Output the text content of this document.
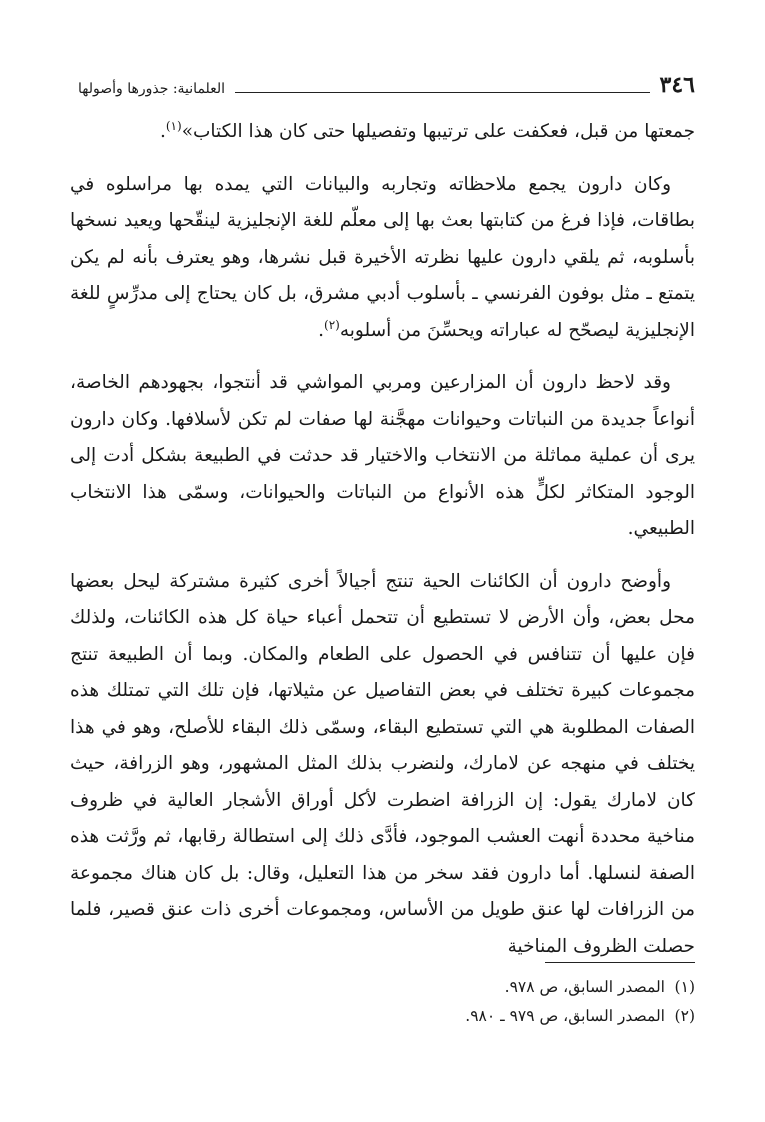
٣٤٦
العلمانية: جذورها وأصولها

جمعتها من قبل، فعكفت على ترتيبها وتفصيلها حتى كان هذا الكتاب»$^{(١)}$.

وكان دارون يجمع ملاحظاته وتجاربه والبيانات التي يمده بها مراسلوه في بطاقات، فإذا فرغ من كتابتها بعث بها إلى معلّم للغة الإنجليزية لينقّحها ويعيد نسخها بأسلوبه، ثم يلقي دارون عليها نظرته الأخيرة قبل نشرها، وهو يعترف بأنه لم يكن يتمتع ـ مثل بوفون الفرنسي ـ بأسلوب أدبي مشرق، بل كان يحتاج إلى مدرِّسٍ للغة الإنجليزية ليصحّح له عباراته ويحسِّنَ من أسلوبه$^{(٢)}$.

وقد لاحظ دارون أن المزارعين ومربي المواشي قد أنتجوا، بجهودهم الخاصة، أنواعاً جديدة من النباتات وحيوانات مهجَّنة لها صفات لم تكن لأسلافها. وكان دارون يرى أن عملية مماثلة من الانتخاب والاختيار قد حدثت في الطبيعة بشكل أدت إلى الوجود المتكاثر لكلٍّ هذه الأنواع من النباتات والحيوانات، وسمّى هذا الانتخاب الطبيعي.

وأوضح دارون أن الكائنات الحية تنتج أجيالاً أخرى كثيرة مشتركة ليحل بعضها محل بعض، وأن الأرض لا تستطيع أن تتحمل أعباء حياة كل هذه الكائنات، ولذلك فإن عليها أن تتنافس في الحصول على الطعام والمكان. وبما أن الطبيعة تنتج مجموعات كبيرة تختلف في بعض التفاصيل عن مثيلاتها، فإن تلك التي تمتلك هذه الصفات المطلوبة هي التي تستطيع البقاء، وسمّى ذلك البقاء للأصلح، وهو في هذا يختلف في منهجه عن لامارك، ولنضرب بذلك المثل المشهور، وهو الزرافة، حيث كان لامارك يقول: إن الزرافة اضطرت لأكل أوراق الأشجار العالية في ظروف مناخية محددة أنهت العشب الموجود، فأدَّى ذلك إلى استطالة رقابها، ثم ورَّثت هذه الصفة لنسلها. أما دارون فقد سخر من هذا التعليل، وقال: بل كان هناك مجموعة من الزرافات لها عنق طويل من الأساس، ومجموعات أخرى ذات عنق قصير، فلما حصلت الظروف المناخية

(١)المصدر السابق، ص ٩٧٨.

(٢)المصدر السابق، ص ٩٧٩ ـ ٩٨٠.
